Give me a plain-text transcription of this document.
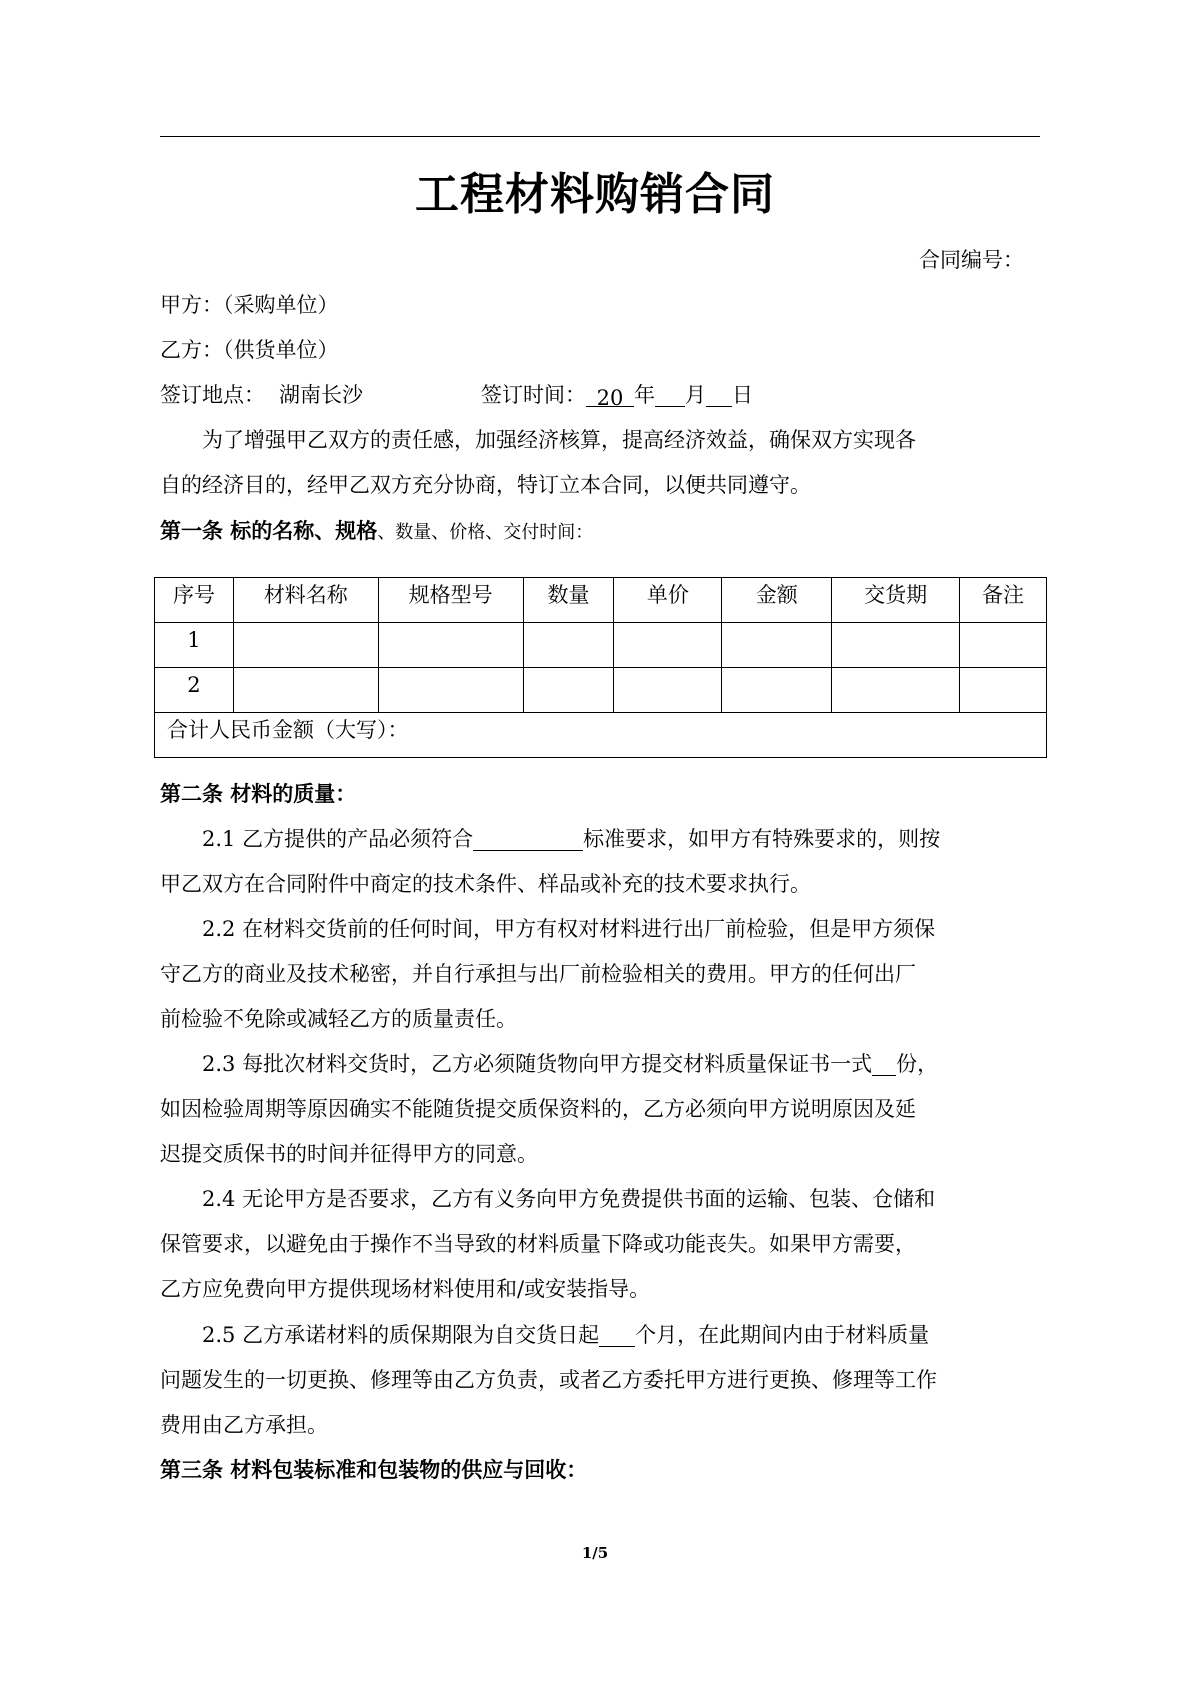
工程材料购销合同
合同编号：
甲方：（采购单位）
乙方：（供货单位）
签订地点： 湖南长沙	签订时间： 20 年 月 日
为了增强甲乙双方的责任感，加强经济核算，提高经济效益，确保双方实现各
自的经济目的，经甲乙双方充分协商，特订立本合同，以便共同遵守。
第一条 标的名称、规格、数量、价格、交付时间：
序号	材料名称	规格型号	数量	单价	金额	交货期	备注
1							
2							
合计人民币金额（大写）：							
第二条 材料的质量：
2.1 乙方提供的产品必须符合	标准要求，如甲方有特殊要求的，则按
甲乙双方在合同附件中商定的技术条件、样品或补充的技术要求执行。
2.2 在材料交货前的任何时间，甲方有权对材料进行出厂前检验，但是甲方须保
守乙方的商业及技术秘密，并自行承担与出厂前检验相关的费用。甲方的任何出厂
前检验不免除或减轻乙方的质量责任。
2.3 每批次材料交货时，乙方必须随货物向甲方提交材料质量保证书一式 份，
如因检验周期等原因确实不能随货提交质保资料的，乙方必须向甲方说明原因及延
迟提交质保书的时间并征得甲方的同意。
2.4 无论甲方是否要求，乙方有义务向甲方免费提供书面的运输、包装、仓储和
保管要求，以避免由于操作不当导致的材料质量下降或功能丧失。如果甲方需要，
乙方应免费向甲方提供现场材料使用和/或安装指导。
2.5 乙方承诺材料的质保期限为自交货日起 个月，在此期间内由于材料质量
问题发生的一切更换、修理等由乙方负责，或者乙方委托甲方进行更换、修理等工作
费用由乙方承担。
第三条 材料包装标准和包装物的供应与回收：
1/5
